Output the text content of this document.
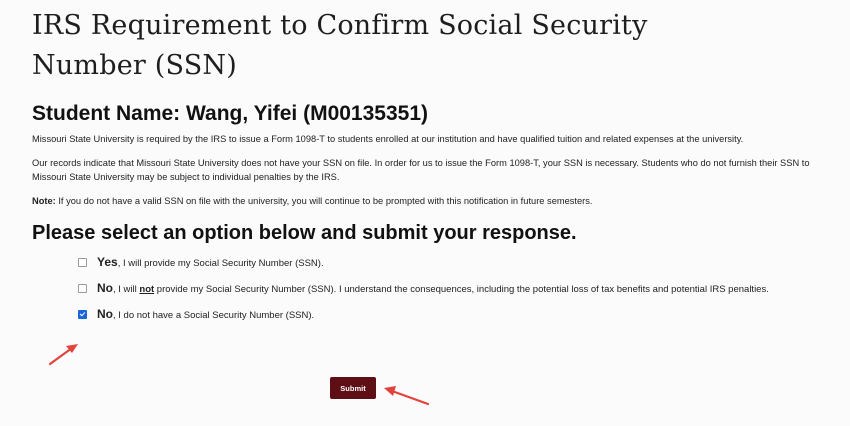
IRS Requirement to Confirm Social Security Number (SSN)
Student Name: Wang, Yifei (M00135351)

Missouri State University is required by the IRS to issue a Form 1098-T to students enrolled at our institution and have qualified tuition and related expenses at the university.

Our records indicate that Missouri State University does not have your SSN on file. In order for us to issue the Form 1098-T, your SSN is necessary. Students who do not furnish their SSN to Missouri State University may be subject to individual penalties by the IRS.

Note: If you do not have a valid SSN on file with the university, you will continue to be prompted with this notification in future semesters.

Please select an option below and submit your response.
Yes, I will provide my Social Security Number (SSN).
No, I will not provide my Social Security Number (SSN). I understand the consequences, including the potential loss of tax benefits and potential IRS penalties.
No, I do not have a Social Security Number (SSN).
Submit
